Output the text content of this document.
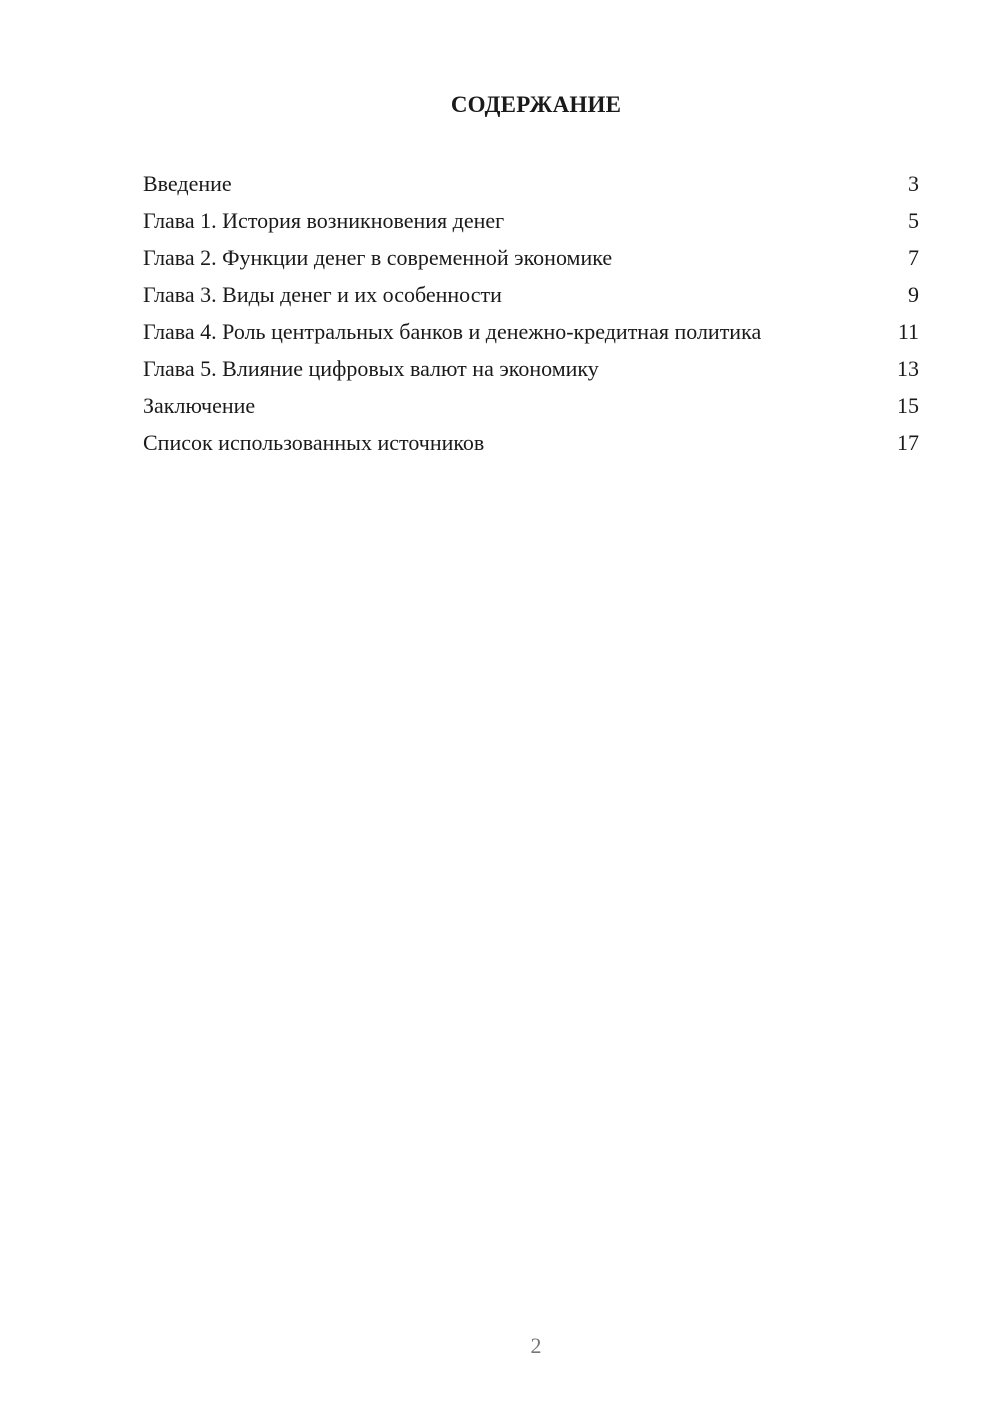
СОДЕРЖАНИЕ
Введение	3
Глава 1. История возникновения денег	5
Глава 2. Функции денег в современной экономике	7
Глава 3. Виды денег и их особенности	9
Глава 4. Роль центральных банков и денежно-кредитная политика	11
Глава 5. Влияние цифровых валют на экономику	13
Заключение	15
Список использованных источников	17
2
